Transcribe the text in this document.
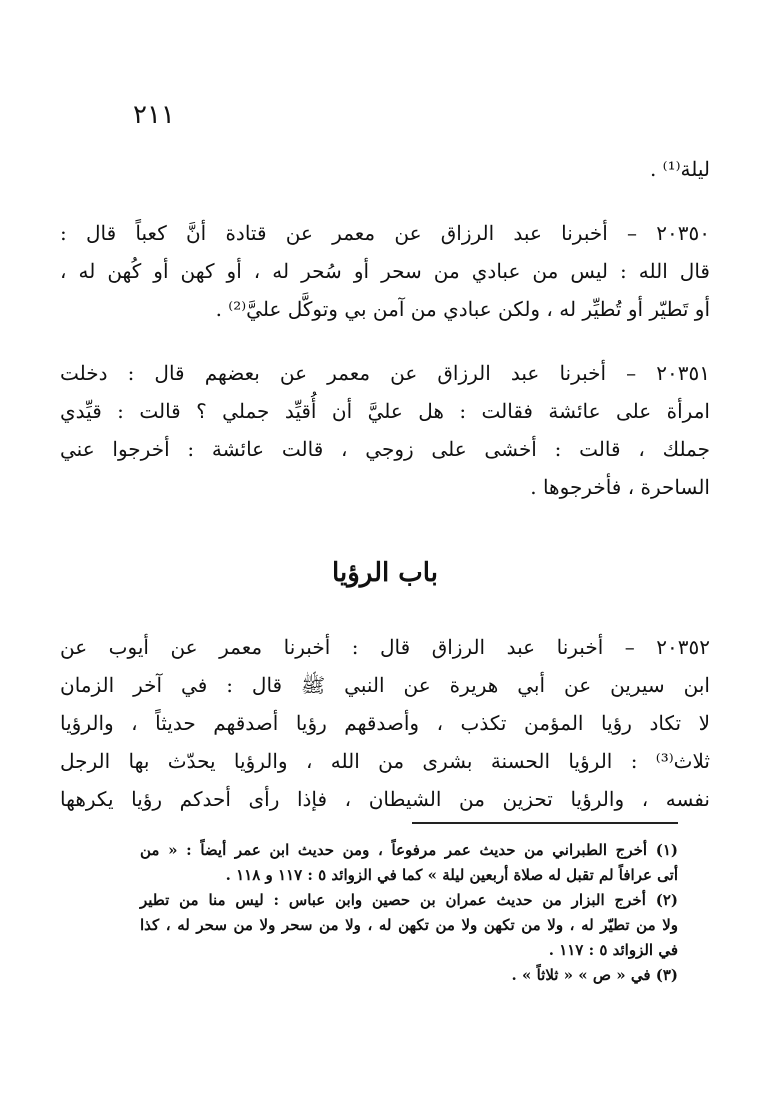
٢١١
ليلة⁽¹⁾ .
٢٠٣٥٠ – أخبرنا عبد الرزاق عن معمر عن قتادة أنَّ كعباً قال :
قال الله : ليس من عبادي من سحر أو سُحر له ، أو كهن أو كُهن له ،
أو تَطيّر أو تُطيِّر له ، ولكن عبادي من آمن بي وتوكَّل عليَّ⁽²⁾ .
٢٠٣٥١ – أخبرنا عبد الرزاق عن معمر عن بعضهم قال : دخلت
امرأة على عائشة فقالت : هل عليَّ أن أُقيِّد جملي ؟ قالت : قيِّدي
جملك ، قالت : أخشى على زوجي ، قالت عائشة : أخرجوا عني
الساحرة ، فأخرجوها .
باب الرؤيا
٢٠٣٥٢ – أخبرنا عبد الرزاق قال : أخبرنا معمر عن أيوب عن
ابن سيرين عن أبي هريرة عن النبي ﷺ قال : في آخر الزمان
لا تكاد رؤيا المؤمن تكذب ، وأصدقهم رؤيا أصدقهم حديثاً ، والرؤيا
ثلاث⁽³⁾ : الرؤيا الحسنة بشرى من الله ، والرؤيا يحدّث بها الرجل
نفسه ، والرؤيا تحزين من الشيطان ، فإذا رأى أحدكم رؤيا يكرهها
(١) أخرج الطبراني من حديث عمر مرفوعاً ، ومن حديث ابن عمر أيضاً : « من
أتى عرافاً لم تقبل له صلاة أربعين ليلة » كما في الزوائد ٥ : ١١٧ و ١١٨ .
(٢) أخرج البزار من حديث عمران بن حصين وابن عباس : ليس منا من تطير
ولا من تطيّر له ، ولا من تكهن ولا من تكهن له ، ولا من سحر ولا من سحر له ، كذا
في الزوائد ٥ : ١١٧ .
(٣) في « ص » « ثلاثاً » .
